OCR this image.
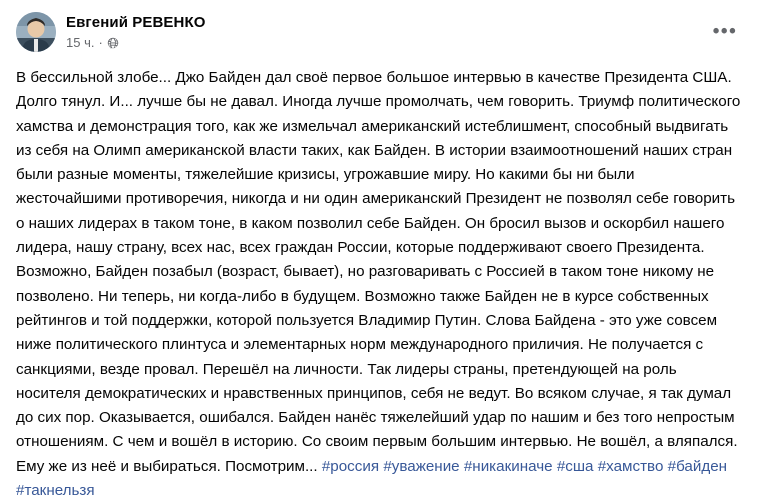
Евгений РЕВЕНКО
15 ч. ·
•••
В бессильной злобе... Джо Байден дал своё первое большое интервью в качестве Президента США. Долго тянул. И... лучше бы не давал. Иногда лучше промолчать, чем говорить. Триумф политического хамства и демонстрация того, как же измельчал американский истеблишмент, способный выдвигать из себя на Олимп американской власти таких, как Байден. В истории взаимоотношений наших стран были разные моменты, тяжелейшие кризисы, угрожавшие миру. Но какими бы ни были жесточайшими противоречия, никогда и ни один американский Президент не позволял себе говорить о наших лидерах в таком тоне, в каком позволил себе Байден. Он бросил вызов и оскорбил нашего лидера, нашу страну, всех нас, всех граждан России, которые поддерживают своего Президента. Возможно, Байден позабыл (возраст, бывает), но разговаривать с Россией в таком тоне никому не позволено. Ни теперь, ни когда-либо в будущем. Возможно также Байден не в курсе собственных рейтингов и той поддержки, которой пользуется Владимир Путин. Слова Байдена - это уже совсем ниже политического плинтуса и элементарных норм международного приличия. Не получается с санкциями, везде провал. Перешёл на личности. Так лидеры страны, претендующей на роль носителя демократических и нравственных принципов, себя не ведут. Во всяком случае, я так думал до сих пор. Оказывается, ошибался. Байден нанёс тяжелейший удар по нашим и без того непростым отношениям. С чем и вошёл в историю. Со своим первым большим интервью. Не вошёл, а вляпался. Ему же из неё и выбираться. Посмотрим... #россия #уважение #никакиначе #сша #хамство #байден #такнельзя
